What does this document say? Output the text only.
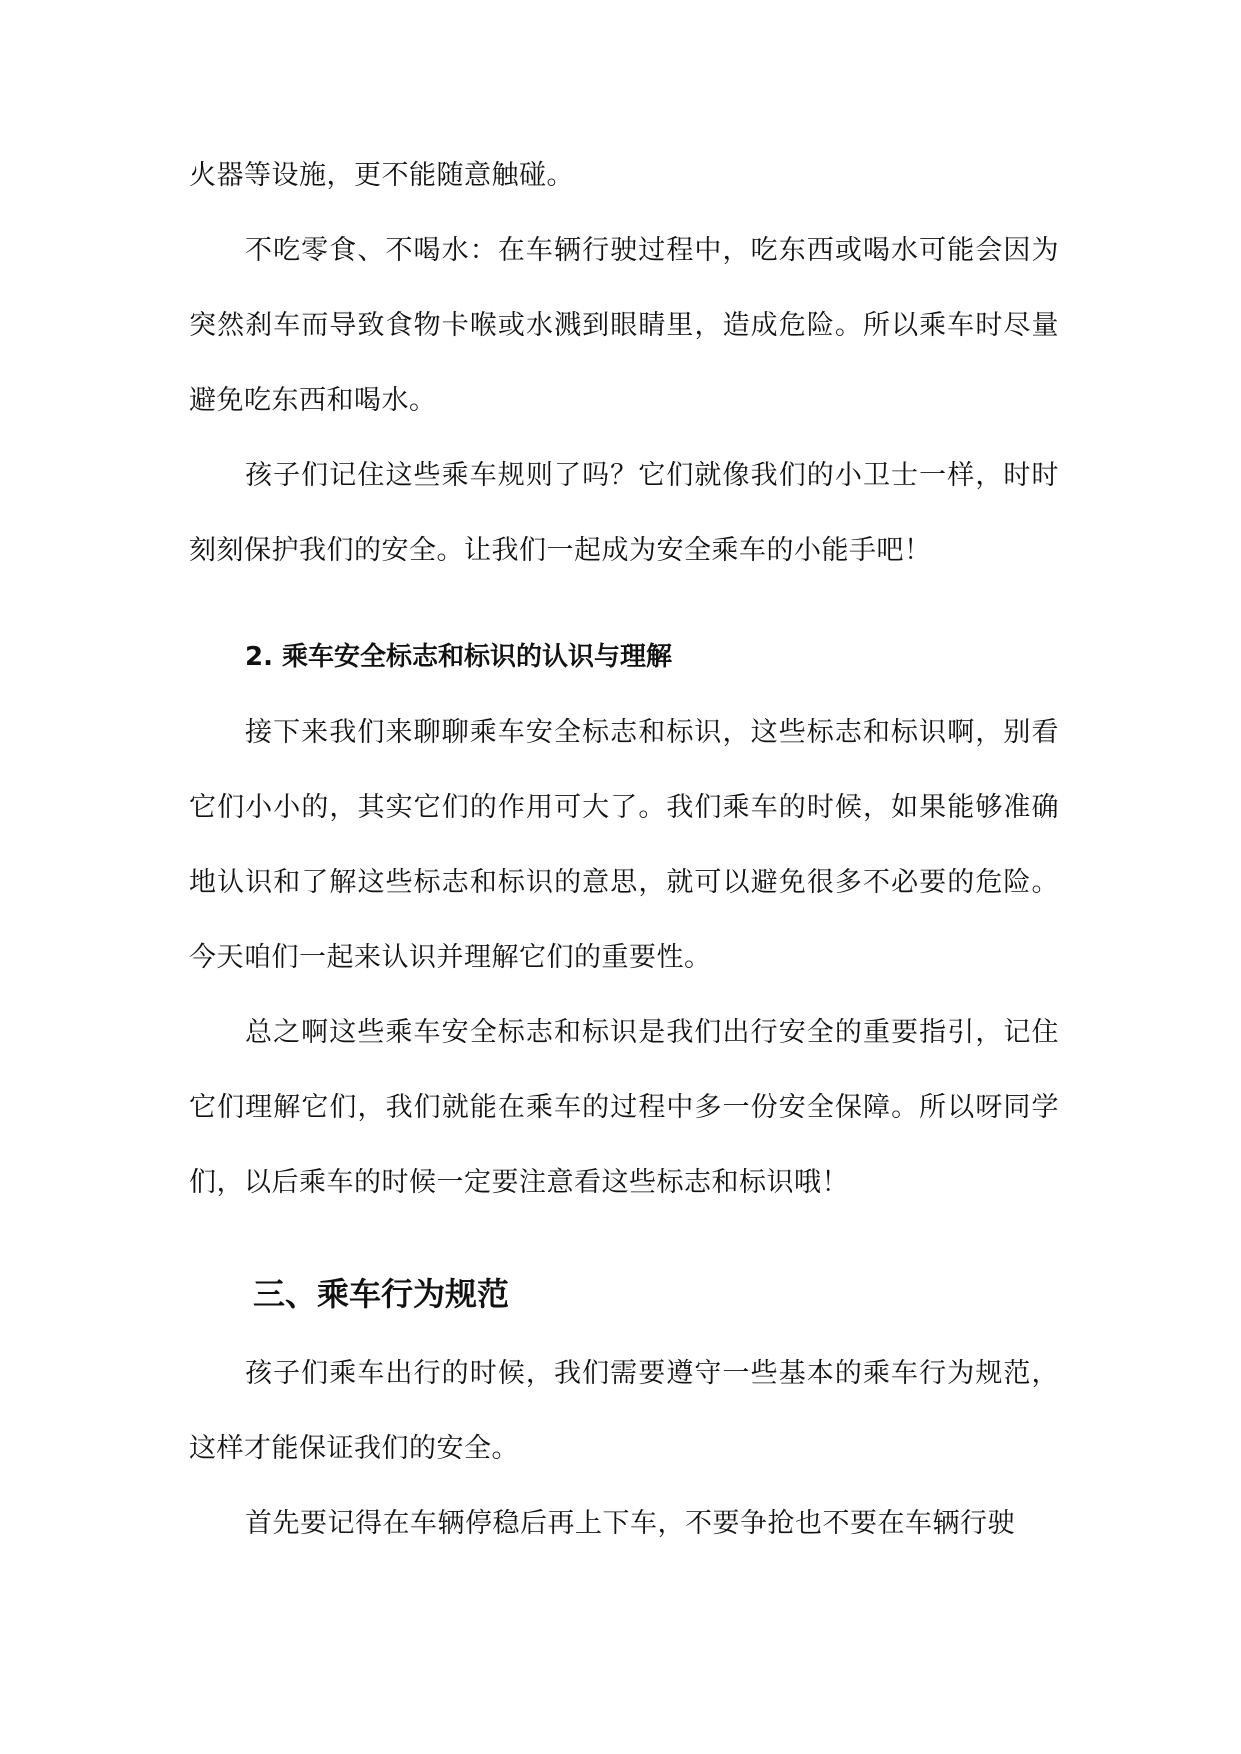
火器等设施，更不能随意触碰。

不吃零食、不喝水：在车辆行驶过程中，吃东西或喝水可能会因为突然刹车而导致食物卡喉或水溅到眼睛里，造成危险。所以乘车时尽量避免吃东西和喝水。

孩子们记住这些乘车规则了吗？它们就像我们的小卫士一样，时时刻刻保护我们的安全。让我们一起成为安全乘车的小能手吧！

2. 乘车安全标志和标识的认识与理解

接下来我们来聊聊乘车安全标志和标识，这些标志和标识啊，别看它们小小的，其实它们的作用可大了。我们乘车的时候，如果能够准确地认识和了解这些标志和标识的意思，就可以避免很多不必要的危险。今天咱们一起来认识并理解它们的重要性。

总之啊这些乘车安全标志和标识是我们出行安全的重要指引，记住它们理解它们，我们就能在乘车的过程中多一份安全保障。所以呀同学们，以后乘车的时候一定要注意看这些标志和标识哦！

三、乘车行为规范

孩子们乘车出行的时候，我们需要遵守一些基本的乘车行为规范，这样才能保证我们的安全。

首先要记得在车辆停稳后再上下车，不要争抢也不要在车辆行驶
